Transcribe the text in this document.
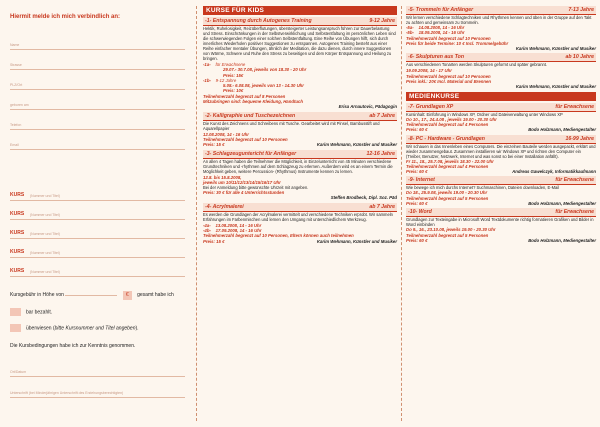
Hiermit melde ich mich verbindlich an:
Name
Strasse
PLZ/Ort
geboren am
Telefon
Email
KURS (Nummer und Titel)
KURS (Nummer und Titel)
KURS (Nummer und Titel)
KURS (Nummer und Titel)
KURS (Nummer und Titel)
Kursgebühr in Höhe von	€ gesamt habe ich
bar bezahlt.
überwiesen (bitte Kursnummer und Titel angeben).
Die Kursbedingungen habe ich zur Kenntnis genommen.
Ort/Datum
Unterschrift (bei Minderjährigen Unterschrift des Erziehungsberechtigten)
KURSE FÜR KIDS
-1- Entspannung durch Autogenes Training	9-12 Jahre
Hektik, Ruhelosigkeit, Reizüberflutungen, übersteigerter Leistungsanspruch führen zur Dauerbelastung und Stress. Einschränkungen in der Selbstverwirklichung und Selbstentfaltung im persönlichen Leben sind die schwerwiegenden Folgen einer solchen Selbstentfaltung. Eine Reihe von Übungen hilft, sich durch innerliches Wiederholen positiver Suggestionen zu entspannen. Autogenes Training besteht aus einer Reihe einfacher mentaler Übungen, ähnlich der Meditation, die dazu dienen, durch innere Suggestionen von Wärme, Schwere und Ruhe den Stress zu beseitigen und dem Körper Entspannung und Heilung zu bringen.
-1a- für Erwachsene
29.07.- 30.7.08, jeweils von 18.30 - 20 Uhr
Preis: 15€
-1b- 9-12 Jahre
5.08.- 6.08.08, jeweils von 13 - 14.30 Uhr
Preis: 10€
Teilnehmerzahl begrenzt auf 8 Personen
Mitzubringen sind: bequeme Kleidung, Handtuch
Erisa Arnautovic, Pädagogin
-2- Kalligraphie und Tuschezeichnen	ab 7 Jahre
Die Kunst des Zeichnens und Schreibens mit Tusche. Gearbeitet wird mit Pinsel, Bambusstift und Aquarellpapier
12.08.2008, 14 - 16 Uhr
Teilnehmerzahl begrenzt auf 10 Personen
Preis: 15 €	Karim Wehmann, Künstler und Musiker
-3- Schlagzeuguntericht für Anfänger	12-16 Jahre
An allen 4 Tagen haben die Teilnehmer die Möglichkeit, in Einzelunterricht von 45 Minuten verschiedene Grundtechniken und -rhythmen auf dem Schlagzeug zu erlernen. Außerdem wird es an einem Termin die Möglichkeit geben, weitere Percussion- (Rhythmus) Instrumente kennen zu lernen.
12.8. bis 15.8.2008,
jeweils um 10/11/12/13/14/15/16/17 Uhr
Bei der Anmeldung bitte gewünschte Uhrzeit mit angeben.
Preis: 30 € für alle 4 Unterrichtsstunden
Steffen Brodbeck, Dipl. Soz. Päd
-4- Acrylmalerei	ab 7 Jahre
Es werden die Grundlagen der Acrylmalerei vermittelt und verschiedene Techniken erprobt. Wir sammeln Erfahrungen im Farbenmischen und lernen den Umgang mit unterschiedlichem Werkzeug.
-4a- 13.08.2008, 14 - 16 Uhr
-4b- 17.09.2008, 14 - 16 Uhr
Teilnehmerzahl begrenzt auf 10 Personen, Eltern können auch teilnehmen
Preis: 15 €	Karim Wehmann, Künstler und Musiker
-5- Trommeln für Anfänger	7-13 Jahre
Wir lernen verschiedene Schlagtechniken und Rhythmen kennen und üben in der Gruppe auf den Takt zu achten und gemeinsam zu trommeln.
-5a- 14.08.2008, 14 - 16 Uhr
-5b- 18.09.2008, 14 - 16 Uhr
Teilnehmerzahl begrenzt auf 10 Personen
Preis für beide Termine: 10 € Incl. Trommelgebühr
Karim Wehmann, Künstler und Musiker
-6- Skulpturen aus Ton	ab 10 Jahre
Aus verschiedenen Tonarten werden Skulpturen geformt und später gebrannt.
19.09.2008, 14 - 17 Uhr
Teilnehmerzahl begrenzt auf 10 Personen
Preis inkl.: 20€ Incl. Material und Brennen
Karim Wehmann, Künstler und Musiker
MEDIENKURSE
-7- Grundlagen XP	für Erwachsene
Kursinhalt: Einführung in Windows XP, Ordner und Dateiverwaltung unter Windows XP
Do 10., 17., 24.4.08 , jeweils 19.00 - 20.30 Uhr
Teilnehmerzahl begrenzt auf 4 Personen
Preis: 60 €	Bodo Holzmann, Mediengestalter
-8- PC - Hardware - Grundlagen	16-99 Jahre
Wir schauen in das Innenleben eines Computers. Die einzelnen Bauteile werden ausgepackt, erklärt und wieder zusammengebaut. Zusammen installieren wir Windows XP und richten den Computer ein (Treiber, Benutzer, Netzwerk, Internet und was sonst so bei einer Installation anfällt).
Fr 11., 18., 25.7.08, jeweils 18.30 - 22.00 Uhr
Teilnehmerzahl begrenzt auf 4 Personen
Preis: 60 €	Andreas Gawelczyk, Informatikkaufmann
-9- Internet	für Erwachsene
Wie bewege ich mich durchs Internet? Suchmaschinen, Dateien downloaden, E-Mail
Do 18., 25.9.08, jeweils 19.00 - 20.30 Uhr
Teilnehmerzahl begrenzt auf 5 Personen
Preis: 60 €	Bodo Holzmann, Mediengestalter
-10- Word	für Erwachsene
Grundlagen zur Texteingabe in Microsoft Word Textdokumente richtig formatieren Grafiken und Bilder in Word einbinden
Do 9., 16., 23.10.08, jeweils 19.00 - 20.30 Uhr
Teilnehmerzahl begrenzt auf 5 Personen
Preis: 60 €	Bodo Holzmann, Mediengestalter
